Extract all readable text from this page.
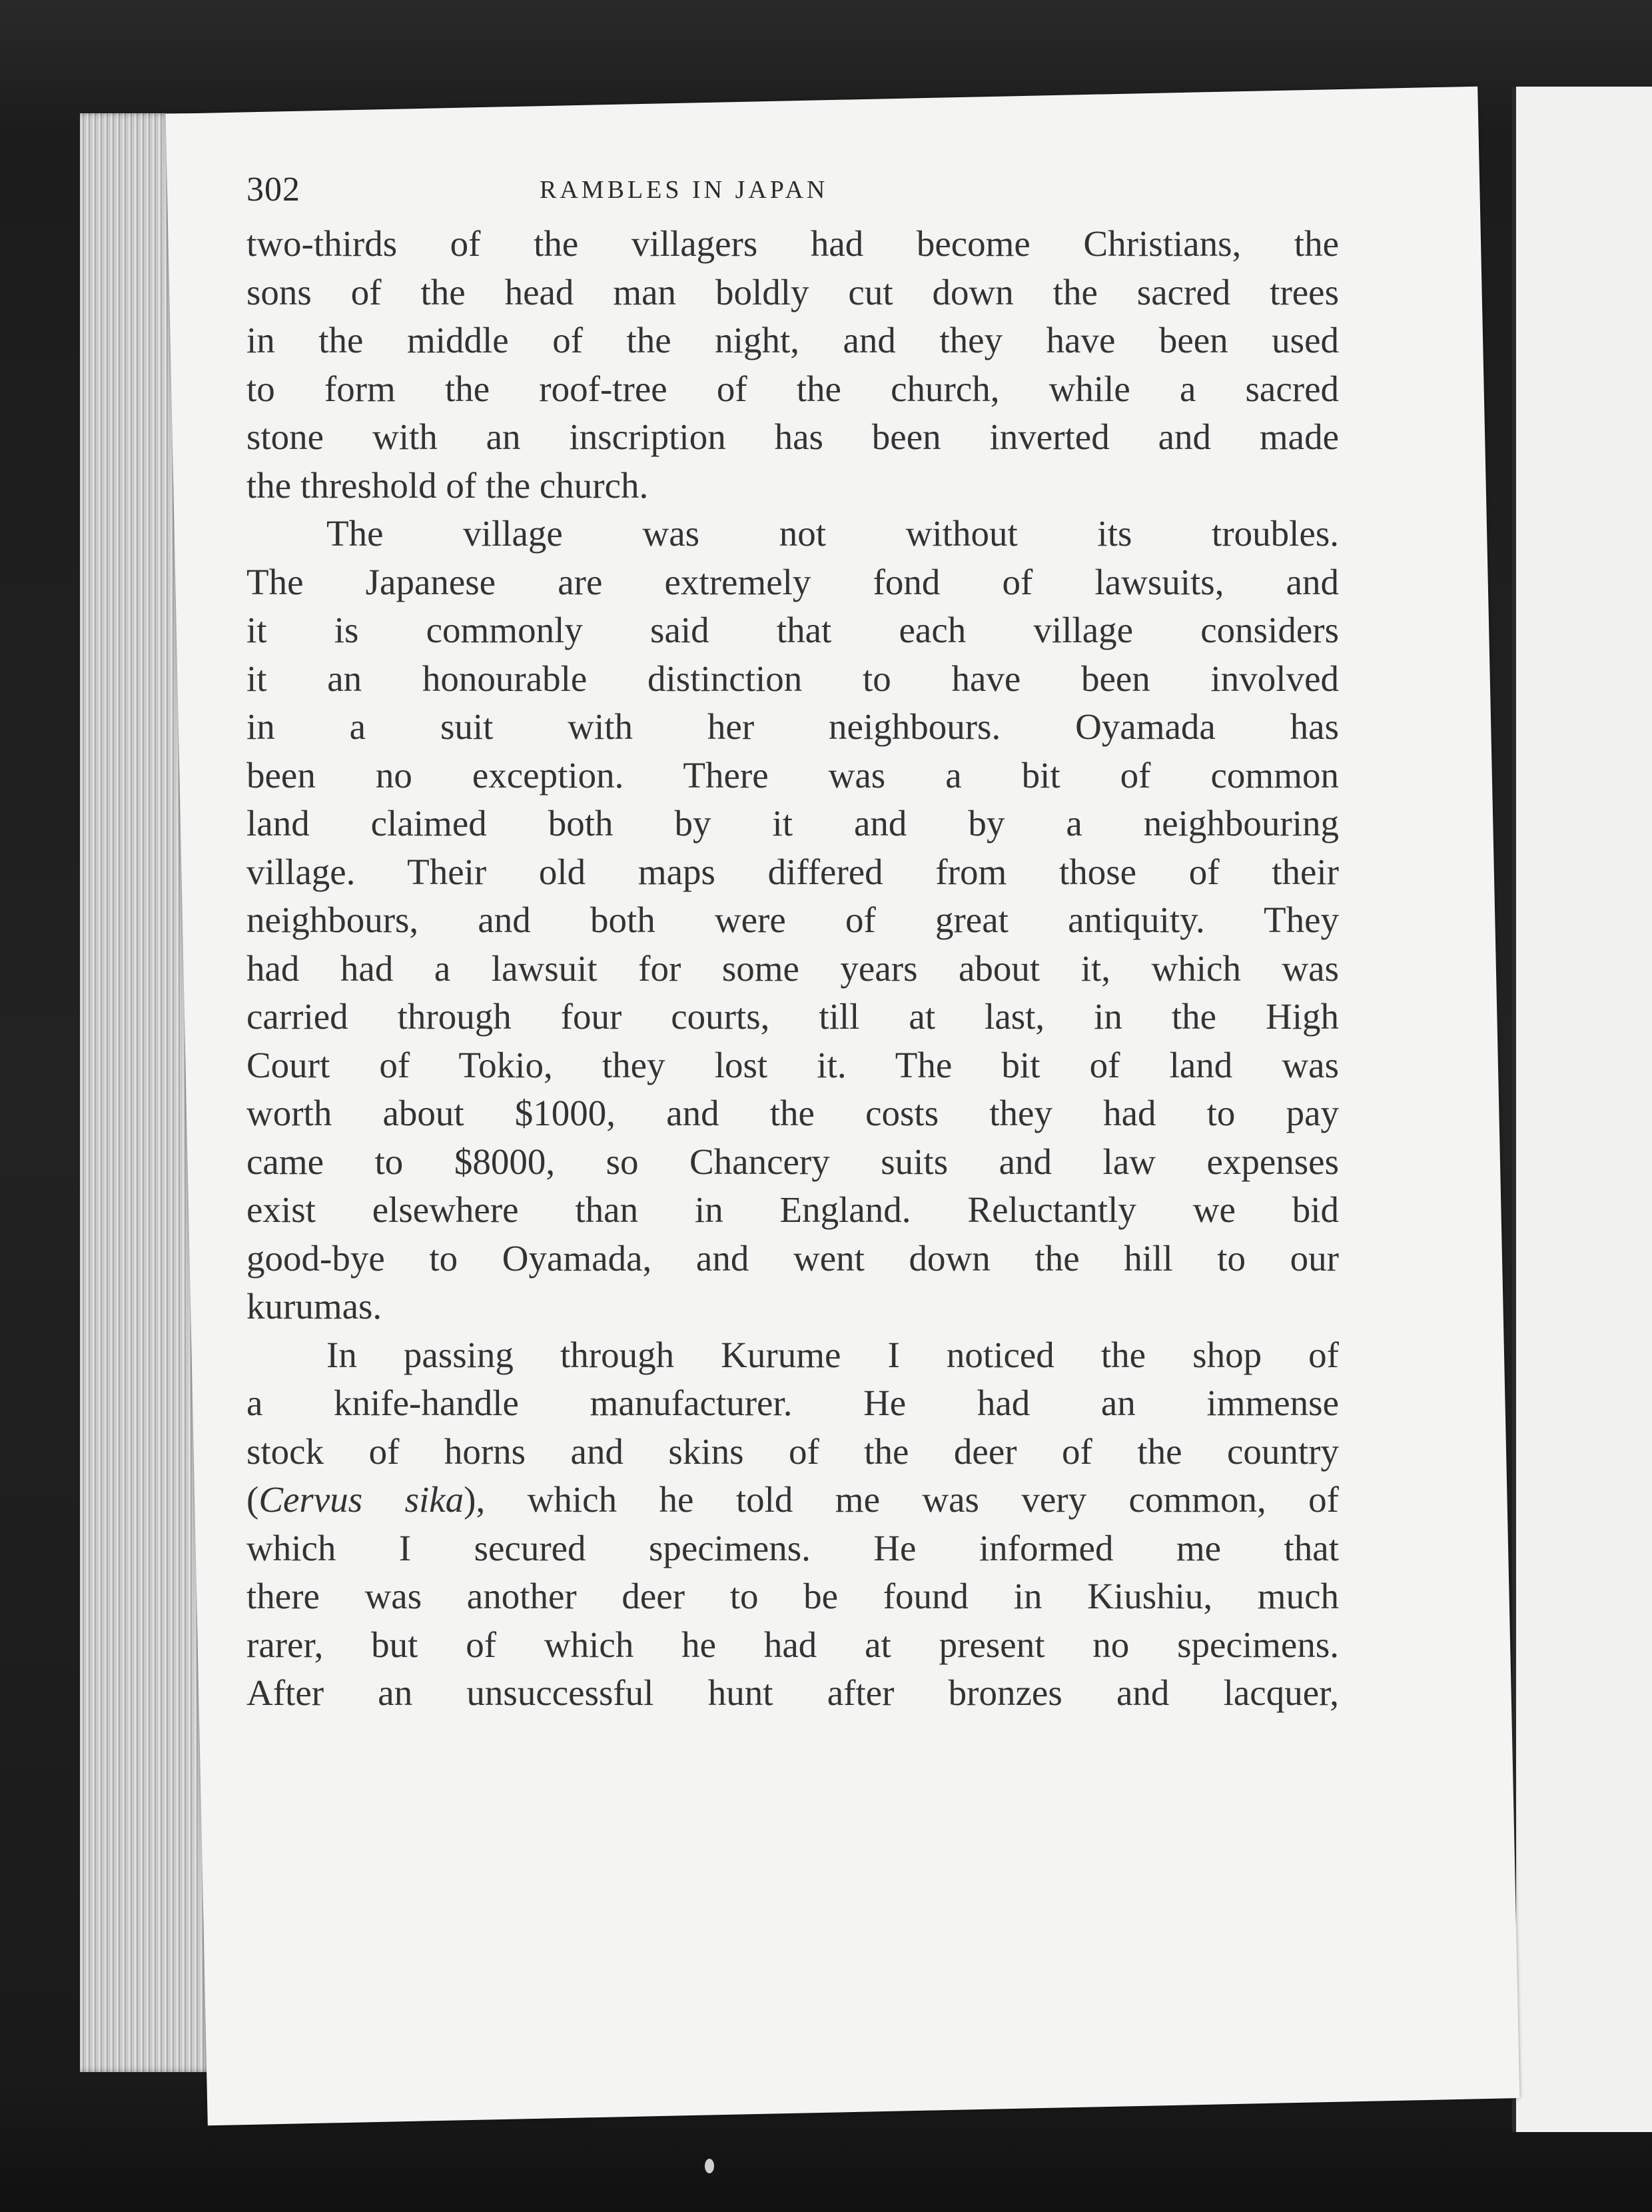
302	RAMBLES IN JAPAN
two-thirds of the villagers had become Christians, the
sons of the head man boldly cut down the sacred trees
in the middle of the night, and they have been used
to form the roof-tree of the church, while a sacred
stone with an inscription has been inverted and made
the threshold of the church.
The village was not without its troubles.
The Japanese are extremely fond of lawsuits, and
it is commonly said that each village considers
it an honourable distinction to have been involved
in a suit with her neighbours. Oyamada has
been no exception. There was a bit of common
land claimed both by it and by a neighbouring
village. Their old maps differed from those of their
neighbours, and both were of great antiquity. They
had had a lawsuit for some years about it, which was
carried through four courts, till at last, in the High
Court of Tokio, they lost it. The bit of land was
worth about $1000, and the costs they had to pay
came to $8000, so Chancery suits and law expenses
exist elsewhere than in England. Reluctantly we bid
good-bye to Oyamada, and went down the hill to our
kurumas.
In passing through Kurume I noticed the shop of
a knife-handle manufacturer. He had an immense
stock of horns and skins of the deer of the country
(Cervus sika), which he told me was very common, of
which I secured specimens. He informed me that
there was another deer to be found in Kiushiu, much
rarer, but of which he had at present no specimens.
After an unsuccessful hunt after bronzes and lacquer,
